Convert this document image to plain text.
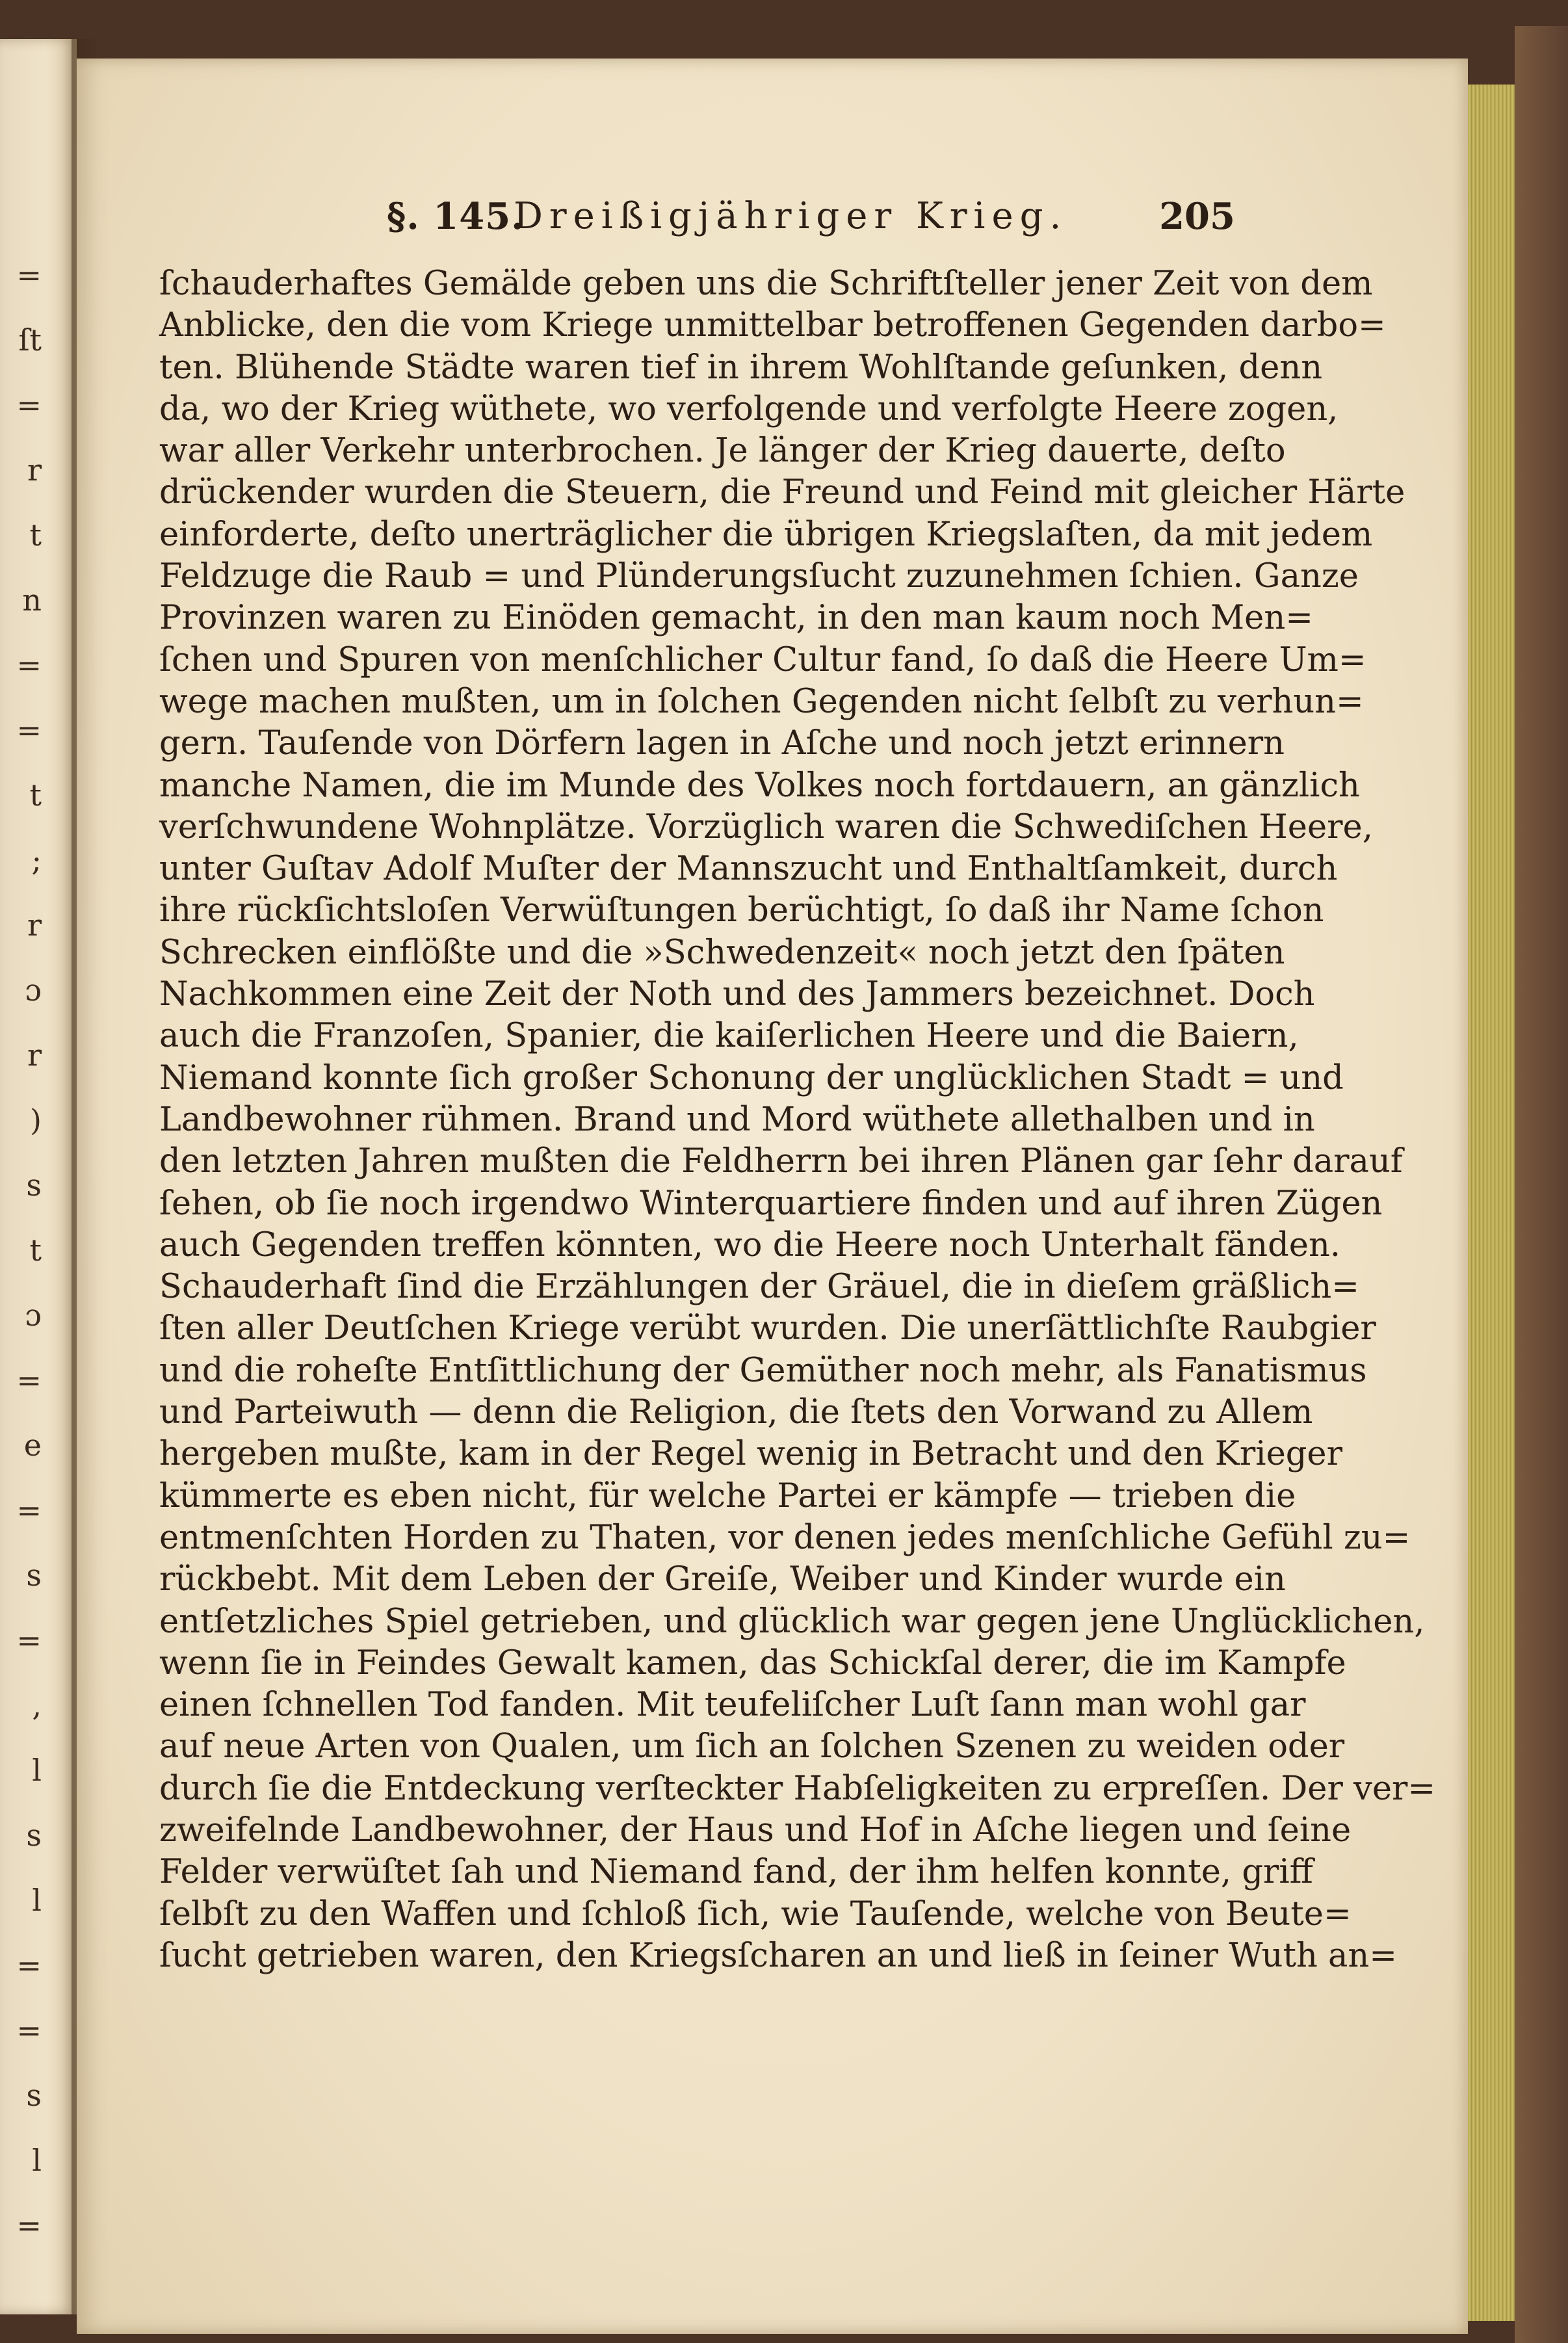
=
ſt
=
r
t
n
=
=
t
;
r
ɔ
r
)
s
t
ɔ
=
e
=
s
=
,
l
s
l
=
=
s
l
=
§. 145.
Dreißigjähriger Krieg.	205
ſchauderhaftes Gemälde geben uns die Schriftſteller jener Zeit von dem
Anblicke, den die vom Kriege unmittelbar betroffenen Gegenden darbo=
ten. Blühende Städte waren tief in ihrem Wohlſtande geſunken, denn
da, wo der Krieg wüthete, wo verfolgende und verfolgte Heere zogen,
war aller Verkehr unterbrochen. Je länger der Krieg dauerte, deſto
drückender wurden die Steuern, die Freund und Feind mit gleicher Härte
einforderte, deſto unerträglicher die übrigen Kriegslaſten, da mit jedem
Feldzuge die Raub = und Plünderungsſucht zuzunehmen ſchien. Ganze
Provinzen waren zu Einöden gemacht, in den man kaum noch Men=
ſchen und Spuren von menſchlicher Cultur fand, ſo daß die Heere Um=
wege machen mußten, um in ſolchen Gegenden nicht ſelbſt zu verhun=
gern. Tauſende von Dörfern lagen in Aſche und noch jetzt erinnern
manche Namen, die im Munde des Volkes noch fortdauern, an gänzlich
verſchwundene Wohnplätze. Vorzüglich waren die Schwediſchen Heere,
unter Guſtav Adolf Muſter der Mannszucht und Enthaltſamkeit, durch
ihre rückſichtsloſen Verwüſtungen berüchtigt, ſo daß ihr Name ſchon
Schrecken einflößte und die »Schwedenzeit« noch jetzt den ſpäten
Nachkommen eine Zeit der Noth und des Jammers bezeichnet. Doch
auch die Franzoſen, Spanier, die kaiſerlichen Heere und die Baiern,
Niemand konnte ſich großer Schonung der unglücklichen Stadt = und
Landbewohner rühmen. Brand und Mord wüthete allethalben und in
den letzten Jahren mußten die Feldherrn bei ihren Plänen gar ſehr darauf
ſehen, ob ſie noch irgendwo Winterquartiere finden und auf ihren Zügen
auch Gegenden treffen könnten, wo die Heere noch Unterhalt fänden.
Schauderhaft ſind die Erzählungen der Gräuel, die in dieſem gräßlich=
ſten aller Deutſchen Kriege verübt wurden. Die unerſättlichſte Raubgier
und die roheſte Entſittlichung der Gemüther noch mehr, als Fanatismus
und Parteiwuth — denn die Religion, die ſtets den Vorwand zu Allem
hergeben mußte, kam in der Regel wenig in Betracht und den Krieger
kümmerte es eben nicht, für welche Partei er kämpfe — trieben die
entmenſchten Horden zu Thaten, vor denen jedes menſchliche Gefühl zu=
rückbebt. Mit dem Leben der Greiſe, Weiber und Kinder wurde ein
entſetzliches Spiel getrieben, und glücklich war gegen jene Unglücklichen,
wenn ſie in Feindes Gewalt kamen, das Schickſal derer, die im Kampfe
einen ſchnellen Tod fanden. Mit teufeliſcher Luſt ſann man wohl gar
auf neue Arten von Qualen, um ſich an ſolchen Szenen zu weiden oder
durch ſie die Entdeckung verſteckter Habſeligkeiten zu erpreſſen. Der ver=
zweifelnde Landbewohner, der Haus und Hof in Aſche liegen und ſeine
Felder verwüſtet ſah und Niemand fand, der ihm helfen konnte, griff
ſelbſt zu den Waffen und ſchloß ſich, wie Tauſende, welche von Beute=
ſucht getrieben waren, den Kriegsſcharen an und ließ in ſeiner Wuth an=
